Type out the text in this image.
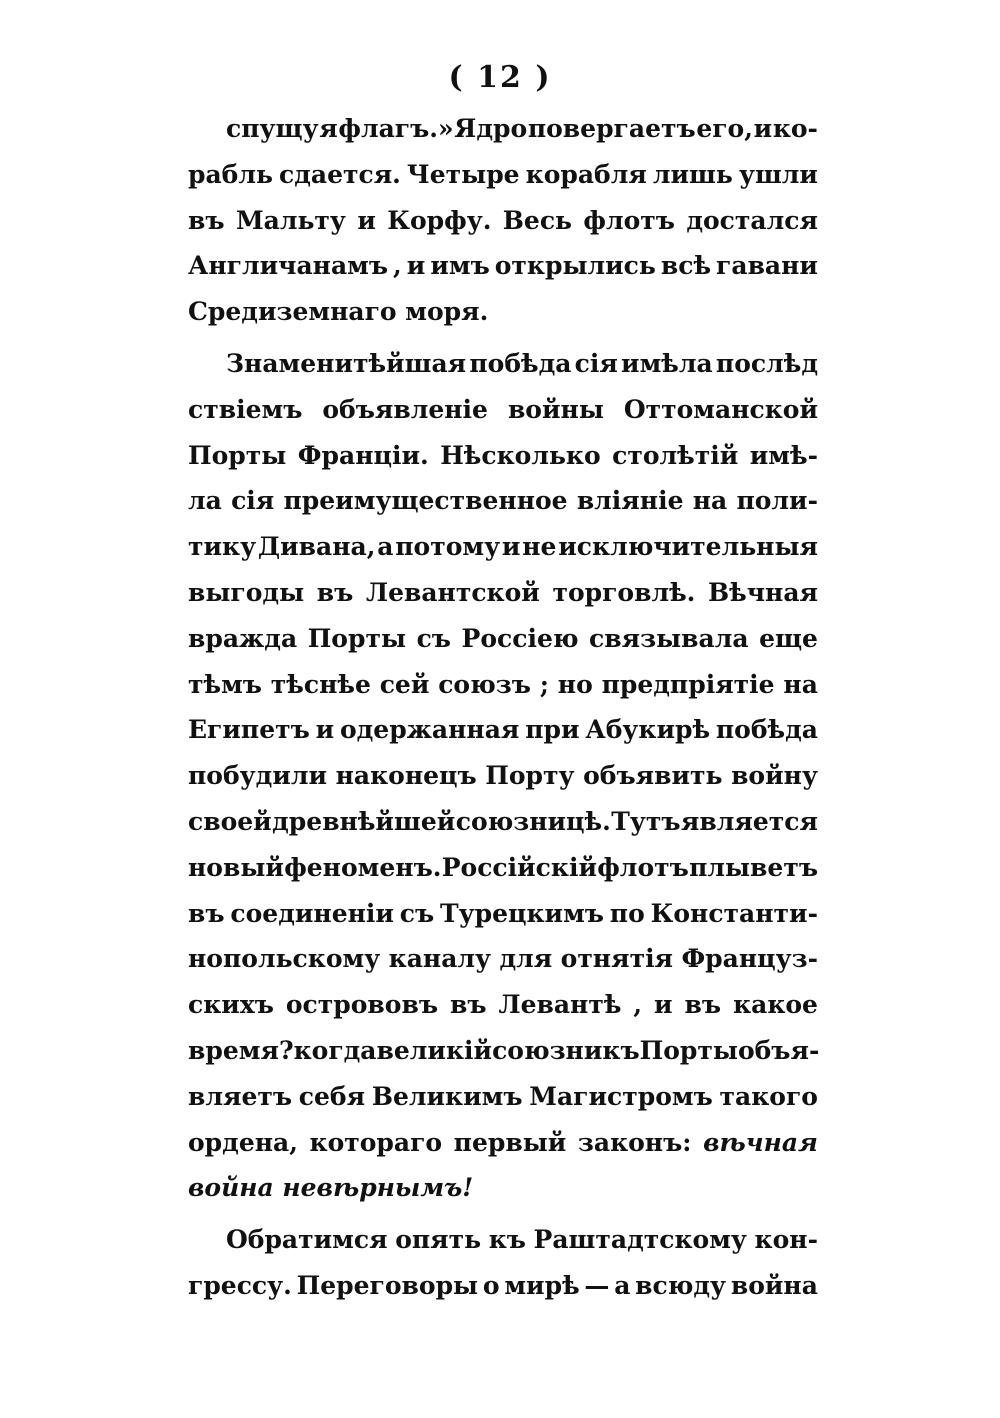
( 12 )
спущу я флагъ.» Ядро повергаетъ его, и ко-
рабль сдается. Четыре корабля лишь ушли
въ Мальту и Корфу. Весь флотъ достался
Англичанамъ , и имъ открылись всѣ гавани
Средиземнаго
моря.

Знаменитѣйшая побѣда сія имѣла послѣд
ствіемъ объявленіе войны Оттоманской
Порты Франціи. Нѣсколько столѣтій имѣ-
ла сія преимущественное вліяніе на поли-
тику Дивана, а потому и не исключительныя
выгоды въ Левантской торговлѣ. Вѣчная
вражда Порты съ Россіею связывала еще
тѣмъ тѣснѣе сей союзъ ; но предпріятіе на
Египетъ и одержанная при Абукирѣ побѣда
побудили наконецъ Порту объявить войну
своей древнѣйшей союзницѣ. Тутъ является
новый феноменъ. Россійскій флотъ плыветъ
въ соединеніи съ Турецкимъ по Константи-
нопольскому каналу для отнятія Француз-
скихъ острововъ въ Левантѣ , и въ какое
время? когда великій союзникъ Порты объя-
вляетъ себя Великимъ Магистромъ такого
ордена, котораго первый законъ: вѣчная
война
невѣрнымъ!

Обратимся опять къ Раштадтскому кон-
грессу. Переговоры о мирѣ — а всюду война
